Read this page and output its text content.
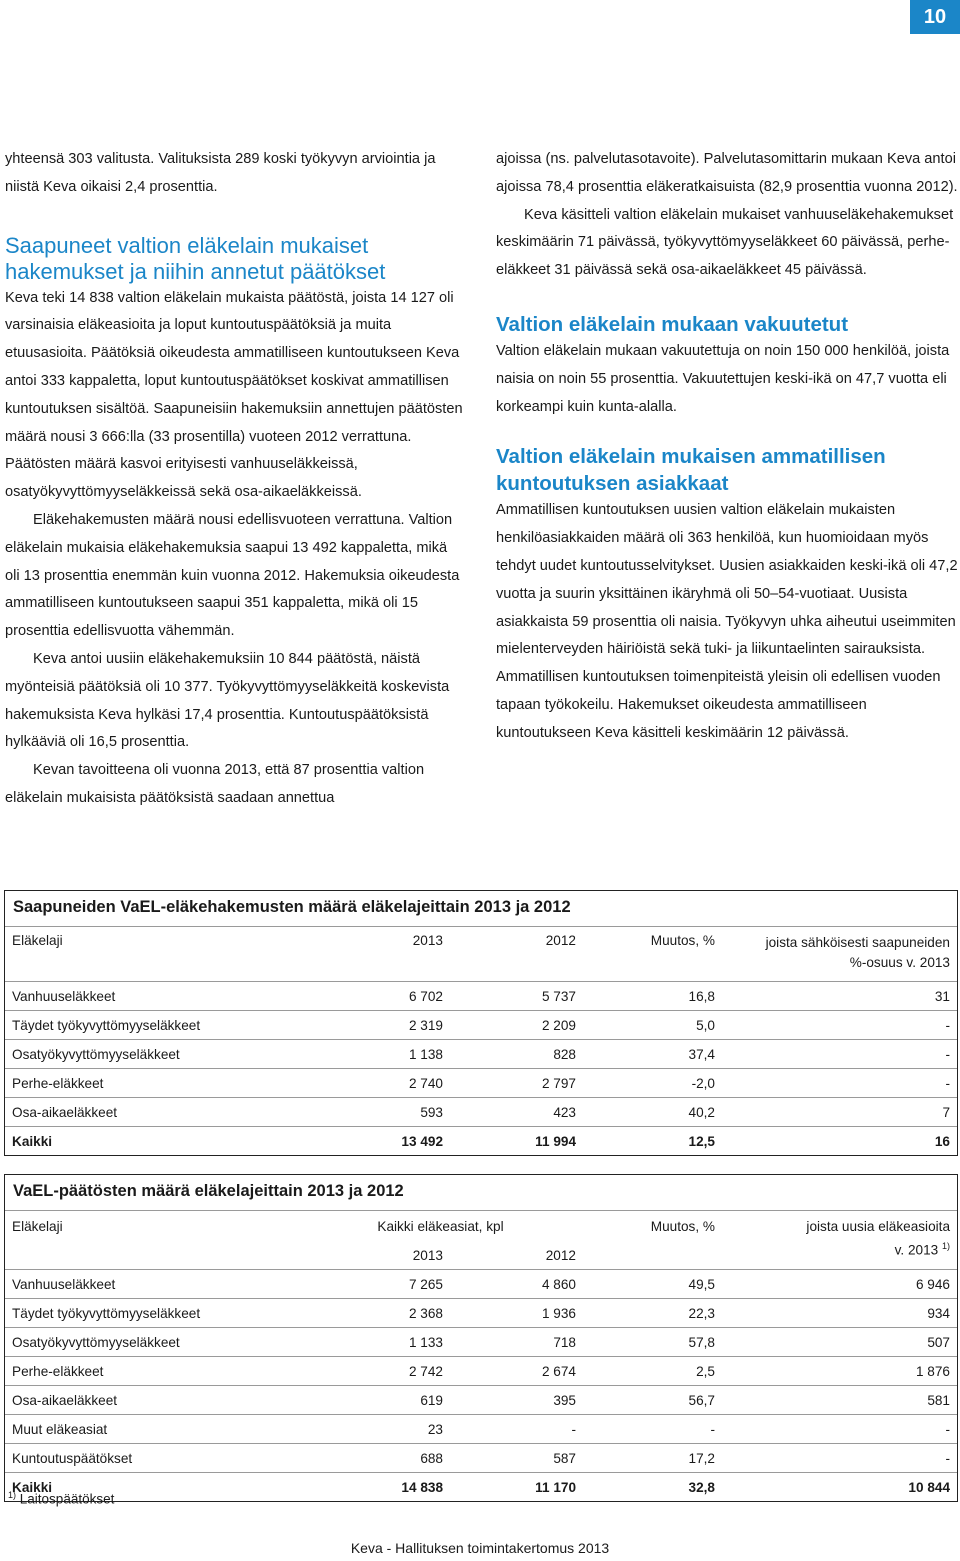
10

yhteensä 303 valitusta. Valituksista 289 koski työkyvyn arviointia ja niistä Keva oikaisi 2,4 prosenttia.

Saapuneet valtion eläkelain mukaiset hakemukset ja niihin annetut päätökset

Keva teki 14 838 valtion eläkelain mukaista päätöstä, joista 14 127 oli varsinaisia eläkeasioita ja loput kuntoutuspäätöksiä ja muita etuusasioita. Päätöksiä oikeudesta ammatilliseen kuntoutukseen Keva antoi 333 kappaletta, loput kuntoutuspäätökset koskivat ammatillisen kuntoutuksen sisältöä. Saapuneisiin hakemuksiin annettujen päätösten määrä nousi 3 666:lla (33 prosentilla) vuoteen 2012 verrattuna. Päätösten määrä kasvoi erityisesti vanhuuseläkkeissä, osatyökyvyttömyyseläkkeissä sekä osa-aikaeläkkeissä.

Eläkehakemusten määrä nousi edellisvuoteen verrattuna. Valtion eläkelain mukaisia eläkehakemuksia saapui 13 492 kappaletta, mikä oli 13 prosenttia enemmän kuin vuonna 2012. Hakemuksia oikeudesta ammatilliseen kuntoutukseen saapui 351 kappaletta, mikä oli 15 prosenttia edellisvuotta vähemmän.

Keva antoi uusiin eläkehakemuksiin 10 844 päätöstä, näistä myönteisiä päätöksiä oli 10 377. Työkyvyttömyyseläkkeitä koskevista hakemuksista Keva hylkäsi 17,4 prosenttia. Kuntoutuspäätöksistä hylkääviä oli 16,5 prosenttia.

Kevan tavoitteena oli vuonna 2013, että 87 prosenttia valtion eläkelain mukaisista päätöksistä saadaan annettua

ajoissa (ns. palvelutasotavoite). Palvelutasomittarin mukaan Keva antoi ajoissa 78,4 prosenttia eläkeratkaisuista (82,9 prosenttia vuonna 2012).

Keva käsitteli valtion eläkelain mukaiset vanhuuseläkehakemukset keskimäärin 71 päivässä, työkyvyttömyyseläkkeet 60 päivässä, perhe-eläkkeet 31 päivässä sekä osa-aikaeläkkeet 45 päivässä.

Valtion eläkelain mukaan vakuutetut

Valtion eläkelain mukaan vakuutettuja on noin 150 000 henkilöä, joista naisia on noin 55 prosenttia. Vakuutettujen keski-ikä on 47,7 vuotta eli korkeampi kuin kunta-alalla.

Valtion eläkelain mukaisen ammatillisen kuntoutuksen asiakkaat

Ammatillisen kuntoutuksen uusien valtion eläkelain mukaisten henkilöasiakkaiden määrä oli 363 henkilöä, kun huomioidaan myös tehdyt uudet kuntoutusselvitykset. Uusien asiakkaiden keski-ikä oli 47,2 vuotta ja suurin yksittäinen ikäryhmä oli 50–54-vuotiaat. Uusista asiakkaista 59 prosenttia oli naisia. Työkyvyn uhka aiheutui useimmiten mielenterveyden häiriöistä sekä tuki- ja liikuntaelinten sairauksista. Ammatillisen kuntoutuksen toimenpiteistä yleisin oli edellisen vuoden tapaan työkokeilu. Hakemukset oikeudesta ammatilliseen kuntoutukseen Keva käsitteli keskimäärin 12 päivässä.

Saapuneiden VaEL-eläkehakemusten määrä eläkelajeittain 2013 ja 2012
Eläkelaji	2013	2012	Muutos, %	joista sähköisesti saapuneiden
%-osuus v. 2013
Vanhuuseläkkeet	6 702	5 737	16,8	31
Täydet työkyvyttömyyseläkkeet	2 319	2 209	5,0	-
Osatyökyvyttömyyseläkkeet	1 138	828	37,4	-
Perhe-eläkkeet	2 740	2 797	-2,0	-
Osa-aikaeläkkeet	593	423	40,2	7
Kaikki	13 492	11 994	12,5	16
VaEL-päätösten määrä eläkelajeittain 2013 ja 2012
Eläkelaji	Kaikki eläkeasiat, kpl		Muutos, %	joista uusia eläkeasioita
	2013	2012		v. 2013 $^{1)}$
Vanhuuseläkkeet	7 265	4 860	49,5	6 946
Täydet työkyvyttömyyseläkkeet	2 368	1 936	22,3	934
Osatyökyvyttömyyseläkkeet	1 133	718	57,8	507
Perhe-eläkkeet	2 742	2 674	2,5	1 876
Osa-aikaeläkkeet	619	395	56,7	581
Muut eläkeasiat	23	-	-	-
Kuntoutuspäätökset	688	587	17,2	-
Kaikki	14 838	11 170	32,8	10 844
$^{1)}$ Laitospäätökset
Keva - Hallituksen toimintakertomus 2013
